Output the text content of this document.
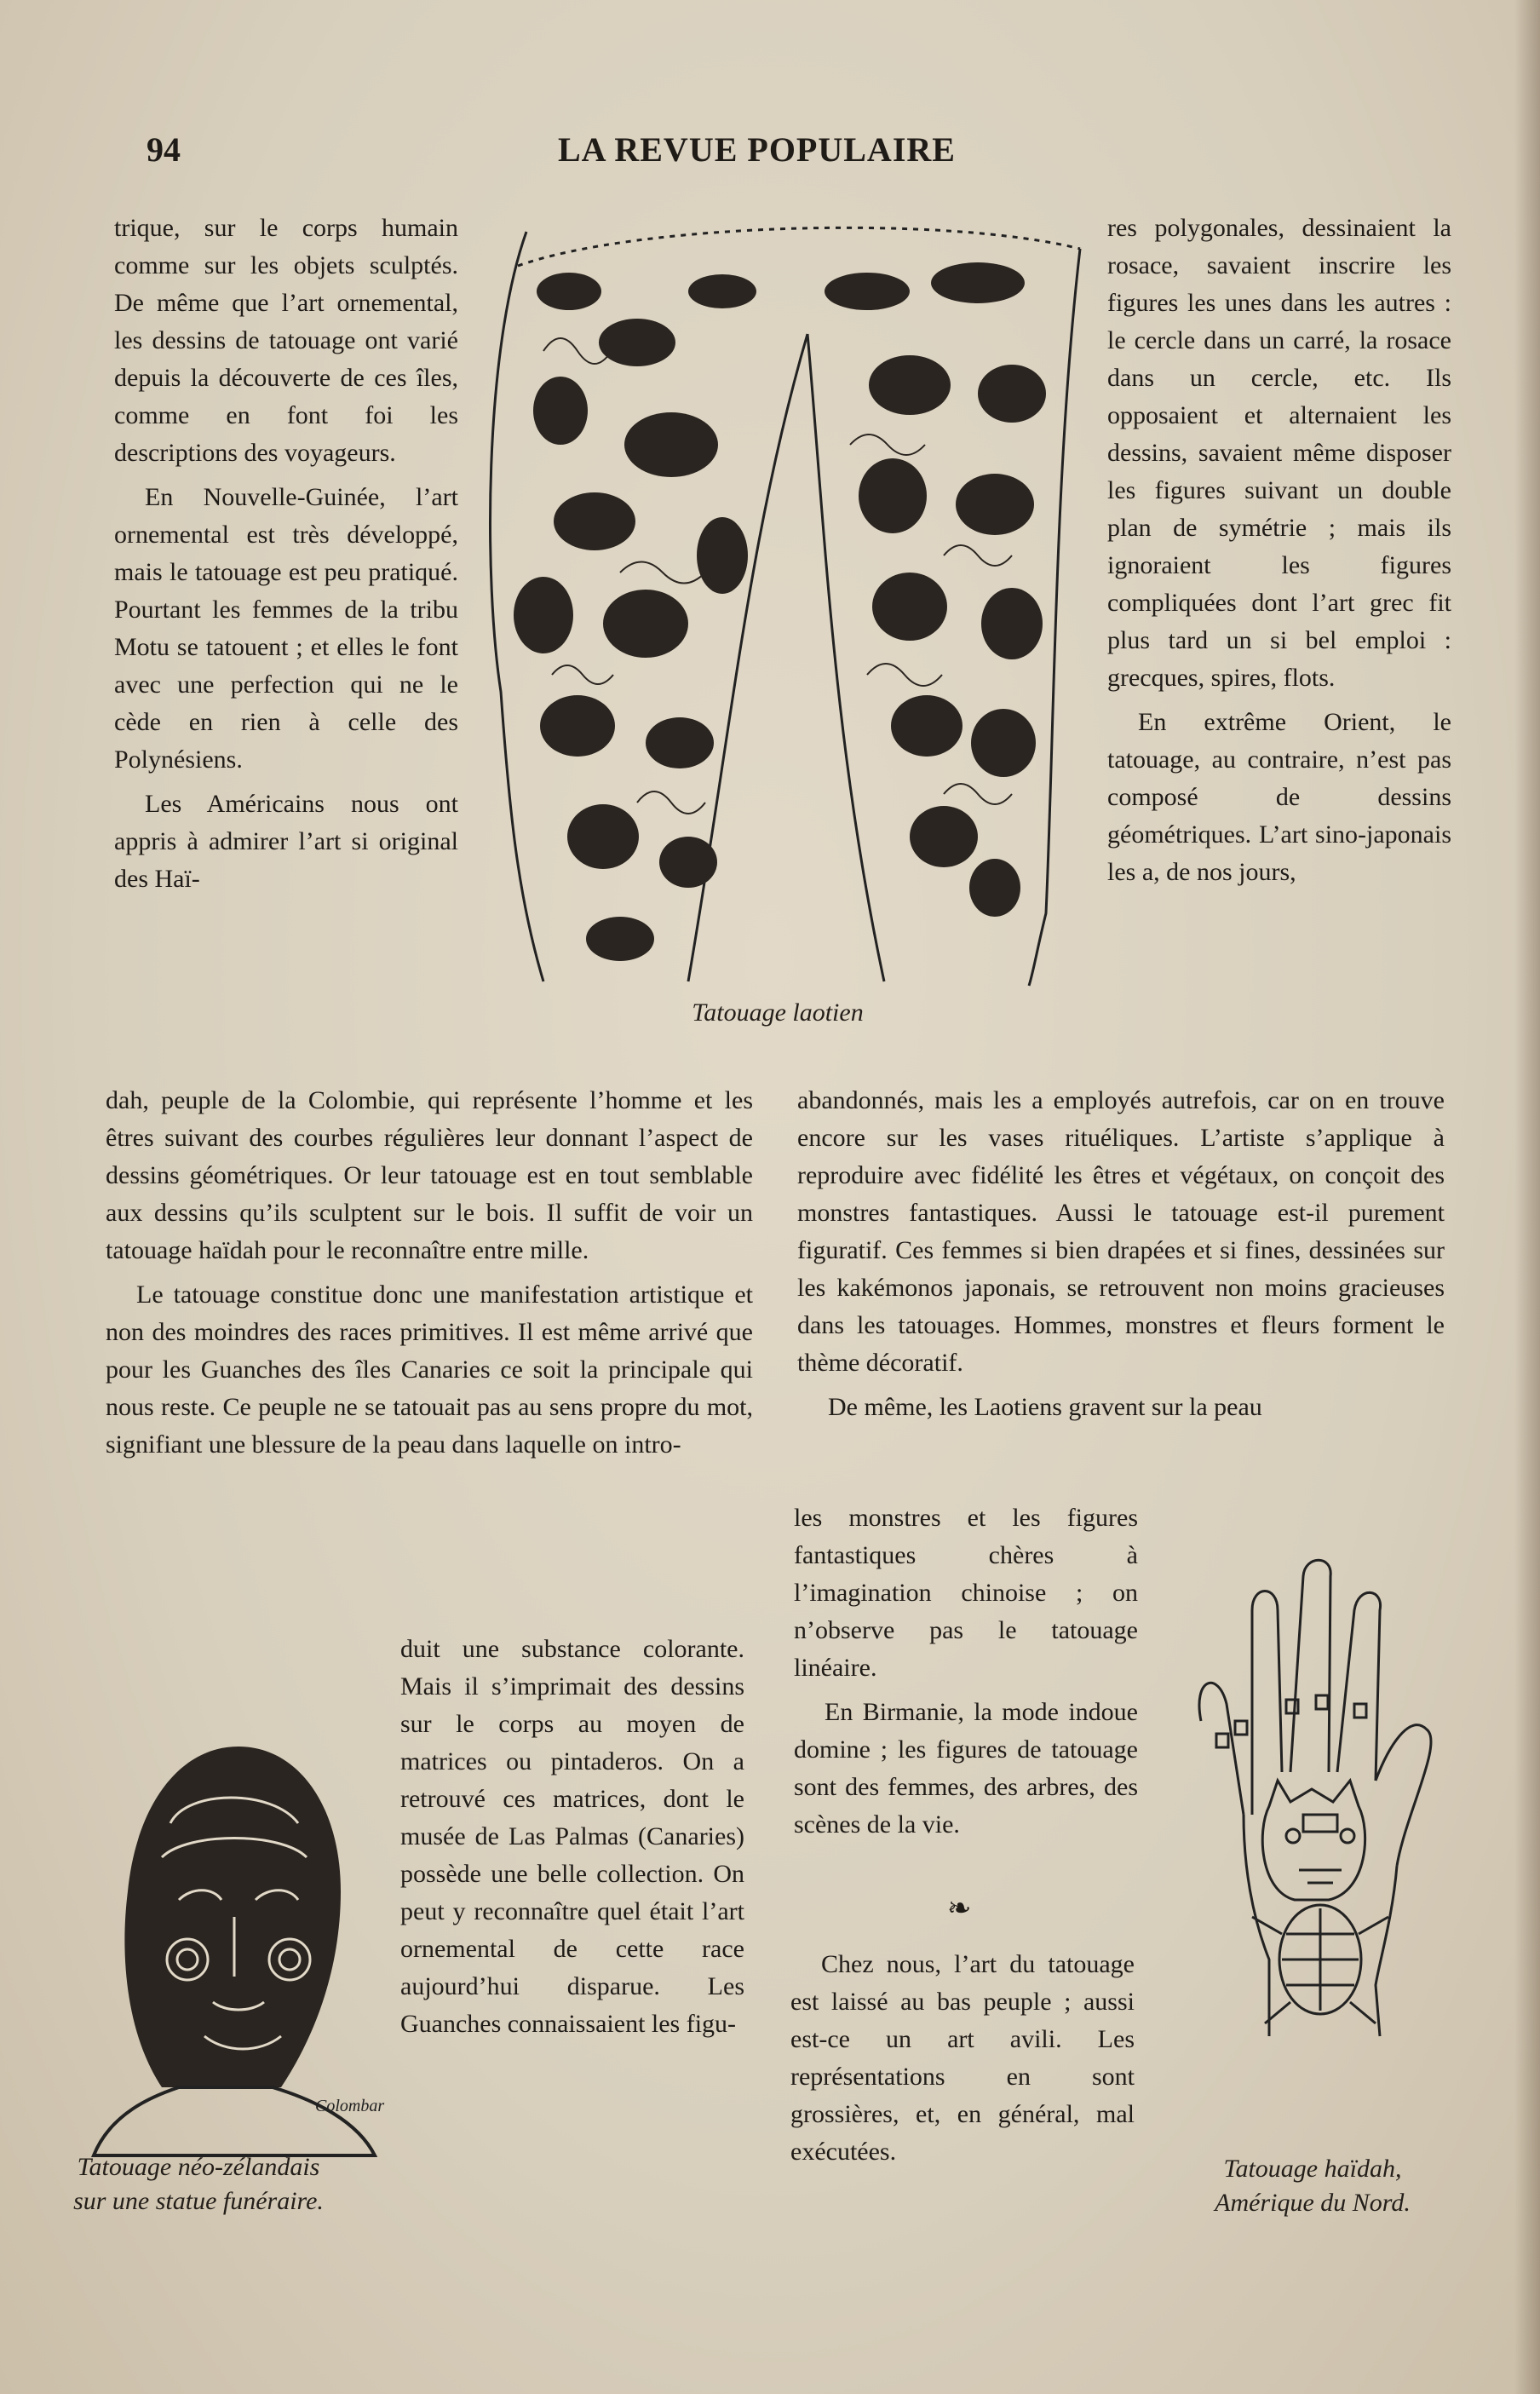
94	LA REVUE POPULAIRE

trique, sur le corps humain comme sur les objets sculptés. De même que l’art ornemental, les dessins de tatouage ont varié depuis la découverte de ces îles, comme en font foi les descriptions des voyageurs.

En Nouvelle-Guinée, l’art ornemental est très développé, mais le tatouage est peu pratiqué. Pourtant les femmes de la tribu Motu se tatouent ; et elles le font avec une perfection qui ne le cède en rien à celle des Polynésiens.

Les Américains nous ont appris à admirer l’art si original des Haï-

Tatouage laotien

res polygonales, dessinaient la rosace, savaient inscrire les figures les unes dans les autres : le cercle dans un carré, la rosace dans un cercle, etc. Ils opposaient et alternaient les dessins, savaient même disposer les figures suivant un double plan de symétrie ; mais ils ignoraient les figures compliquées dont l’art grec fit plus tard un si bel emploi : grecques, spires, flots.

En extrême Orient, le tatouage, au contraire, n’est pas composé de dessins géométriques. L’art sino-japonais les a, de nos jours,

dah, peuple de la Colombie, qui représente l’homme et les êtres suivant des courbes régulières leur donnant l’aspect de dessins géométriques. Or leur tatouage est en tout semblable aux dessins qu’ils sculptent sur le bois. Il suffit de voir un tatouage haïdah pour le reconnaître entre mille.

Le tatouage constitue donc une manifestation artistique et non des moindres des races primitives. Il est même arrivé que pour les Guanches des îles Canaries ce soit la principale qui nous reste. Ce peuple ne se tatouait pas au sens propre du mot, signifiant une blessure de la peau dans laquelle on intro-

abandonnés, mais les a employés autrefois, car on en trouve encore sur les vases rituéliques. L’artiste s’applique à reproduire avec fidélité les êtres et végétaux, on conçoit des monstres fantastiques. Aussi le tatouage est-il purement figuratif. Ces femmes si bien drapées et si fines, dessinées sur les kakémonos japonais, se retrouvent non moins gracieuses dans les tatouages. Hommes, monstres et fleurs forment le thème décoratif.

De même, les Laotiens gravent sur la peau

Colombar
Tatouage néo-zélandais
sur une statue funéraire.

duit une substance colorante. Mais il s’imprimait des dessins sur le corps au moyen de matrices ou pintaderos. On a retrouvé ces matrices, dont le musée de Las Palmas (Canaries) possède une belle collection. On peut y reconnaître quel était l’art ornemental de cette race aujourd’hui disparue. Les Guanches connaissaient les figu-

les monstres et les figures fantastiques chères à l’imagination chinoise ; on n’observe pas le tatouage linéaire.

En Birmanie, la mode indoue domine ; les figures de tatouage sont des femmes, des arbres, des scènes de la vie.

❧

Chez nous, l’art du tatouage est laissé au bas peuple ; aussi est-ce un art avili. Les représentations en sont grossières, et, en général, mal exécutées.

Tatouage haïdah,
Amérique du Nord.
